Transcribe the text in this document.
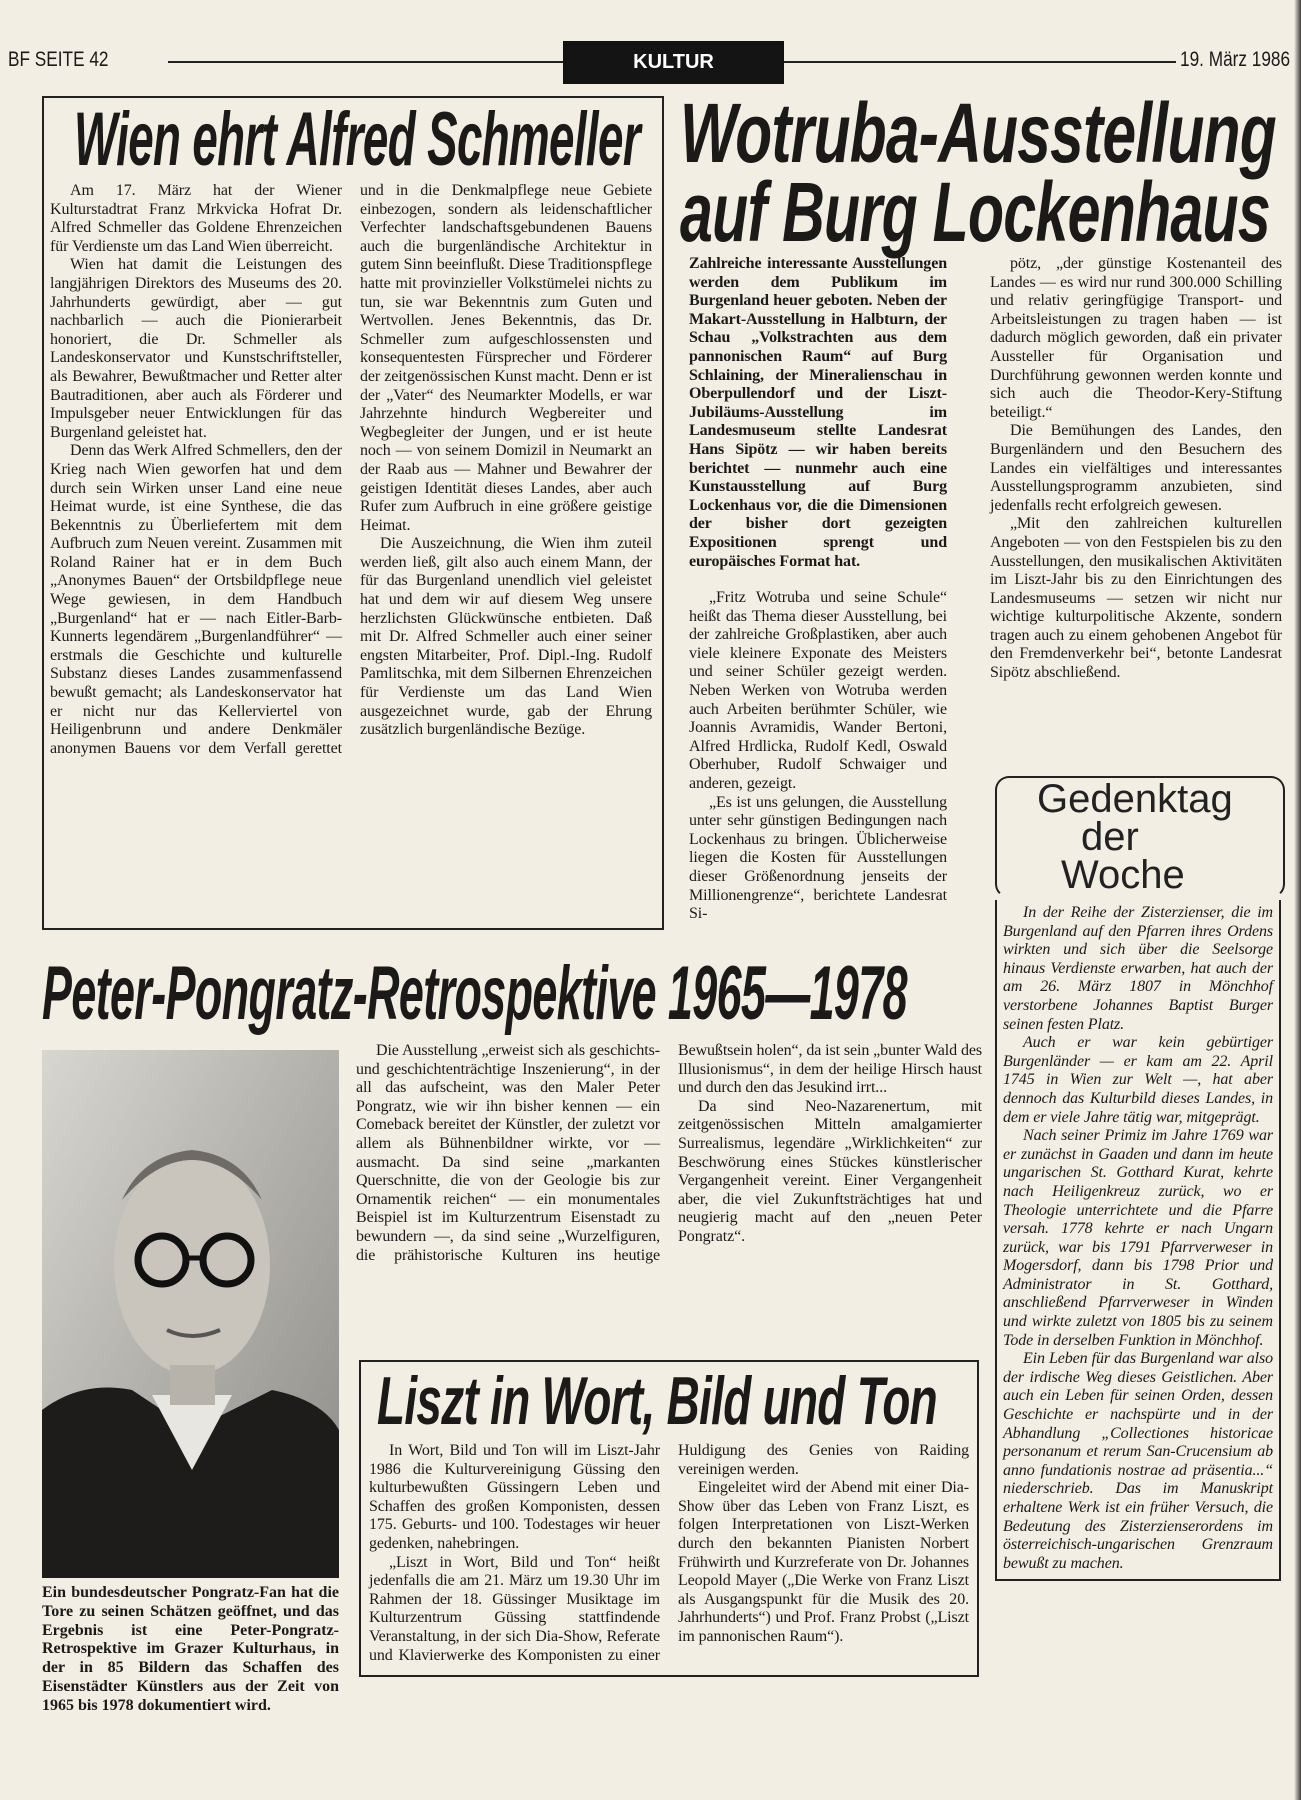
BF SEITE 42	KULTUR	19. März 1986
Wien ehrt Alfred Schmeller

Am 17. März hat der Wiener Kulturstadtrat Franz Mrkvicka Hofrat Dr. Alfred Schmeller das Goldene Ehrenzeichen für Verdienste um das Land Wien überreicht.

Wien hat damit die Leistungen des langjährigen Direktors des Museums des 20. Jahrhunderts gewürdigt, aber — gut nachbarlich — auch die Pionierarbeit honoriert, die Dr. Schmeller als Landeskonservator und Kunstschriftsteller, als Bewahrer, Bewußtmacher und Retter alter Bautraditionen, aber auch als Förderer und Impulsgeber neuer Entwicklungen für das Burgenland geleistet hat.

Denn das Werk Alfred Schmellers, den der Krieg nach Wien geworfen hat und dem durch sein Wirken unser Land eine neue Heimat wurde, ist eine Synthese, die das Bekenntnis zu Überliefertem mit dem Aufbruch zum Neuen vereint. Zusammen mit Roland Rainer hat er in dem Buch „Anonymes Bauen“ der Ortsbildpflege neue Wege gewiesen, in dem Handbuch „Burgenland“ hat er — nach Eitler-Barb-Kunnerts legendärem „Burgenlandführer“ — erstmals die Geschichte und kulturelle Substanz dieses Landes zusammenfassend bewußt gemacht; als Landeskonservator hat er nicht nur das Kellerviertel von Heiligenbrunn und andere Denkmäler anonymen Bauens vor dem Verfall gerettet und in die Denkmalpflege neue Gebiete einbezogen, sondern als leidenschaftlicher Verfechter landschaftsgebundenen Bauens auch die burgenländische Architektur in gutem Sinn beeinflußt. Diese Traditionspflege hatte mit provinzieller Volkstümelei nichts zu tun, sie war Bekenntnis zum Guten und Wertvollen. Jenes Bekenntnis, das Dr. Schmeller zum aufgeschlossensten und konsequentesten Fürsprecher und Förderer der zeitgenössischen Kunst macht. Denn er ist der „Vater“ des Neumarkter Modells, er war Jahrzehnte hindurch Wegbereiter und Wegbegleiter der Jungen, und er ist heute noch — von seinem Domizil in Neumarkt an der Raab aus — Mahner und Bewahrer der geistigen Identität dieses Landes, aber auch Rufer zum Aufbruch in eine größere geistige Heimat.

Die Auszeichnung, die Wien ihm zuteil werden ließ, gilt also auch einem Mann, der für das Burgenland unendlich viel geleistet hat und dem wir auf diesem Weg unsere herzlichsten Glückwünsche entbieten. Daß mit Dr. Alfred Schmeller auch einer seiner engsten Mitarbeiter, Prof. Dipl.-Ing. Rudolf Pamlitschka, mit dem Silbernen Ehrenzeichen für Verdienste um das Land Wien ausgezeichnet wurde, gab der Ehrung zusätzlich burgenländische Bezüge.

Wotruba-Ausstellung
auf Burg Lockenhaus

Zahlreiche interessante Ausstellungen werden dem Publikum im Burgenland heuer geboten. Neben der Makart-Ausstellung in Halbturn, der Schau „Volkstrachten aus dem pannonischen Raum“ auf Burg Schlaining, der Mineralienschau in Oberpullendorf und der Liszt-Jubiläums-Ausstellung im Landesmuseum stellte Landesrat Hans Sipötz — wir haben bereits berichtet — nunmehr auch eine Kunstausstellung auf Burg Lockenhaus vor, die die Dimensionen der bisher dort gezeigten Expositionen sprengt und europäisches Format hat.

„Fritz Wotruba und seine Schule“ heißt das Thema dieser Ausstellung, bei der zahlreiche Großplastiken, aber auch viele kleinere Exponate des Meisters und seiner Schüler gezeigt werden. Neben Werken von Wotruba werden auch Arbeiten berühmter Schüler, wie Joannis Avramidis, Wander Bertoni, Alfred Hrdlicka, Rudolf Kedl, Oswald Oberhuber, Rudolf Schwaiger und anderen, gezeigt.

„Es ist uns gelungen, die Ausstellung unter sehr günstigen Bedingungen nach Lockenhaus zu bringen. Üblicherweise liegen die Kosten für Ausstellungen dieser Größenordnung jenseits der Millionengrenze“, berichtete Landesrat Si-

pötz, „der günstige Kostenanteil des Landes — es wird nur rund 300.000 Schilling und relativ geringfügige Transport- und Arbeitsleistungen zu tragen haben — ist dadurch möglich geworden, daß ein privater Aussteller für Organisation und Durchführung gewonnen werden konnte und sich auch die Theodor-Kery-Stiftung beteiligt.“

Die Bemühungen des Landes, den Burgenländern und den Besuchern des Landes ein vielfältiges und interessantes Ausstellungsprogramm anzubieten, sind jedenfalls recht erfolgreich gewesen.

„Mit den zahlreichen kulturellen Angeboten — von den Festspielen bis zu den Ausstellungen, den musikalischen Aktivitäten im Liszt-Jahr bis zu den Einrichtungen des Landesmuseums — setzen wir nicht nur wichtige kulturpolitische Akzente, sondern tragen auch zu einem gehobenen Angebot für den Fremdenverkehr bei“, betonte Landesrat Sipötz abschließend.

Gedenktag
der
Woche

In der Reihe der Zisterzienser, die im Burgenland auf den Pfarren ihres Ordens wirkten und sich über die Seelsorge hinaus Verdienste erwarben, hat auch der am 26. März 1807 in Mönchhof verstorbene Johannes Baptist Burger seinen festen Platz.

Auch er war kein gebürtiger Burgenländer — er kam am 22. April 1745 in Wien zur Welt —, hat aber dennoch das Kulturbild dieses Landes, in dem er viele Jahre tätig war, mitgeprägt.

Nach seiner Primiz im Jahre 1769 war er zunächst in Gaaden und dann im heute ungarischen St. Gotthard Kurat, kehrte nach Heiligenkreuz zurück, wo er Theologie unterrichtete und die Pfarre versah. 1778 kehrte er nach Ungarn zurück, war bis 1791 Pfarrverweser in Mogersdorf, dann bis 1798 Prior und Administrator in St. Gotthard, anschließend Pfarrverweser in Winden und wirkte zuletzt von 1805 bis zu seinem Tode in derselben Funktion in Mönchhof.

Ein Leben für das Burgenland war also der irdische Weg dieses Geistlichen. Aber auch ein Leben für seinen Orden, dessen Geschichte er nachspürte und in der Abhandlung „Collectiones historicae personanum et rerum San-Crucensium ab anno fundationis nostrae ad präsentia...“ niederschrieb. Das im Manuskript erhaltene Werk ist ein früher Versuch, die Bedeutung des Zisterzienserordens im österreichisch-ungarischen Grenzraum bewußt zu machen.

Peter-Pongratz-Retrospektive 1965—1978
Ein bundesdeutscher Pongratz-Fan hat die Tore zu seinen Schätzen geöffnet, und das Ergebnis ist eine Peter-Pongratz-Retrospektive im Grazer Kulturhaus, in der in 85 Bildern das Schaffen des Eisenstädter Künstlers aus der Zeit von 1965 bis 1978 dokumentiert wird.

Die Ausstellung „erweist sich als geschichts- und geschichtenträchtige Inszenierung“, in der all das aufscheint, was den Maler Peter Pongratz, wie wir ihn bisher kennen — ein Comeback bereitet der Künstler, der zuletzt vor allem als Bühnenbildner wirkte, vor — ausmacht. Da sind seine „markanten Querschnitte, die von der Geologie bis zur Ornamentik reichen“ — ein monumentales Beispiel ist im Kulturzentrum Eisenstadt zu bewundern —, da sind seine „Wurzelfiguren, die prähistorische Kulturen ins heutige Bewußtsein holen“, da ist sein „bunter Wald des Illusionismus“, in dem der heilige Hirsch haust und durch den das Jesukind irrt...

Da sind Neo-Nazarenertum, mit zeitgenössischen Mitteln amalgamierter Surrealismus, legendäre „Wirklichkeiten“ zur Beschwörung eines Stückes künstlerischer Vergangenheit vereint. Einer Vergangenheit aber, die viel Zukunftsträchtiges hat und neugierig macht auf den „neuen Peter Pongratz“.

Liszt in Wort, Bild und Ton

In Wort, Bild und Ton will im Liszt-Jahr 1986 die Kulturvereinigung Güssing den kulturbewußten Güssingern Leben und Schaffen des großen Komponisten, dessen 175. Geburts- und 100. Todestages wir heuer gedenken, nahebringen.

„Liszt in Wort, Bild und Ton“ heißt jedenfalls die am 21. März um 19.30 Uhr im Rahmen der 18. Güssinger Musiktage im Kulturzentrum Güssing stattfindende Veranstaltung, in der sich Dia-Show, Referate und Klavierwerke des Komponisten zu einer Huldigung des Genies von Raiding vereinigen werden.

Eingeleitet wird der Abend mit einer Dia-Show über das Leben von Franz Liszt, es folgen Interpretationen von Liszt-Werken durch den bekannten Pianisten Norbert Frühwirth und Kurzreferate von Dr. Johannes Leopold Mayer („Die Werke von Franz Liszt als Ausgangspunkt für die Musik des 20. Jahrhunderts“) und Prof. Franz Probst („Liszt im pannonischen Raum“).
